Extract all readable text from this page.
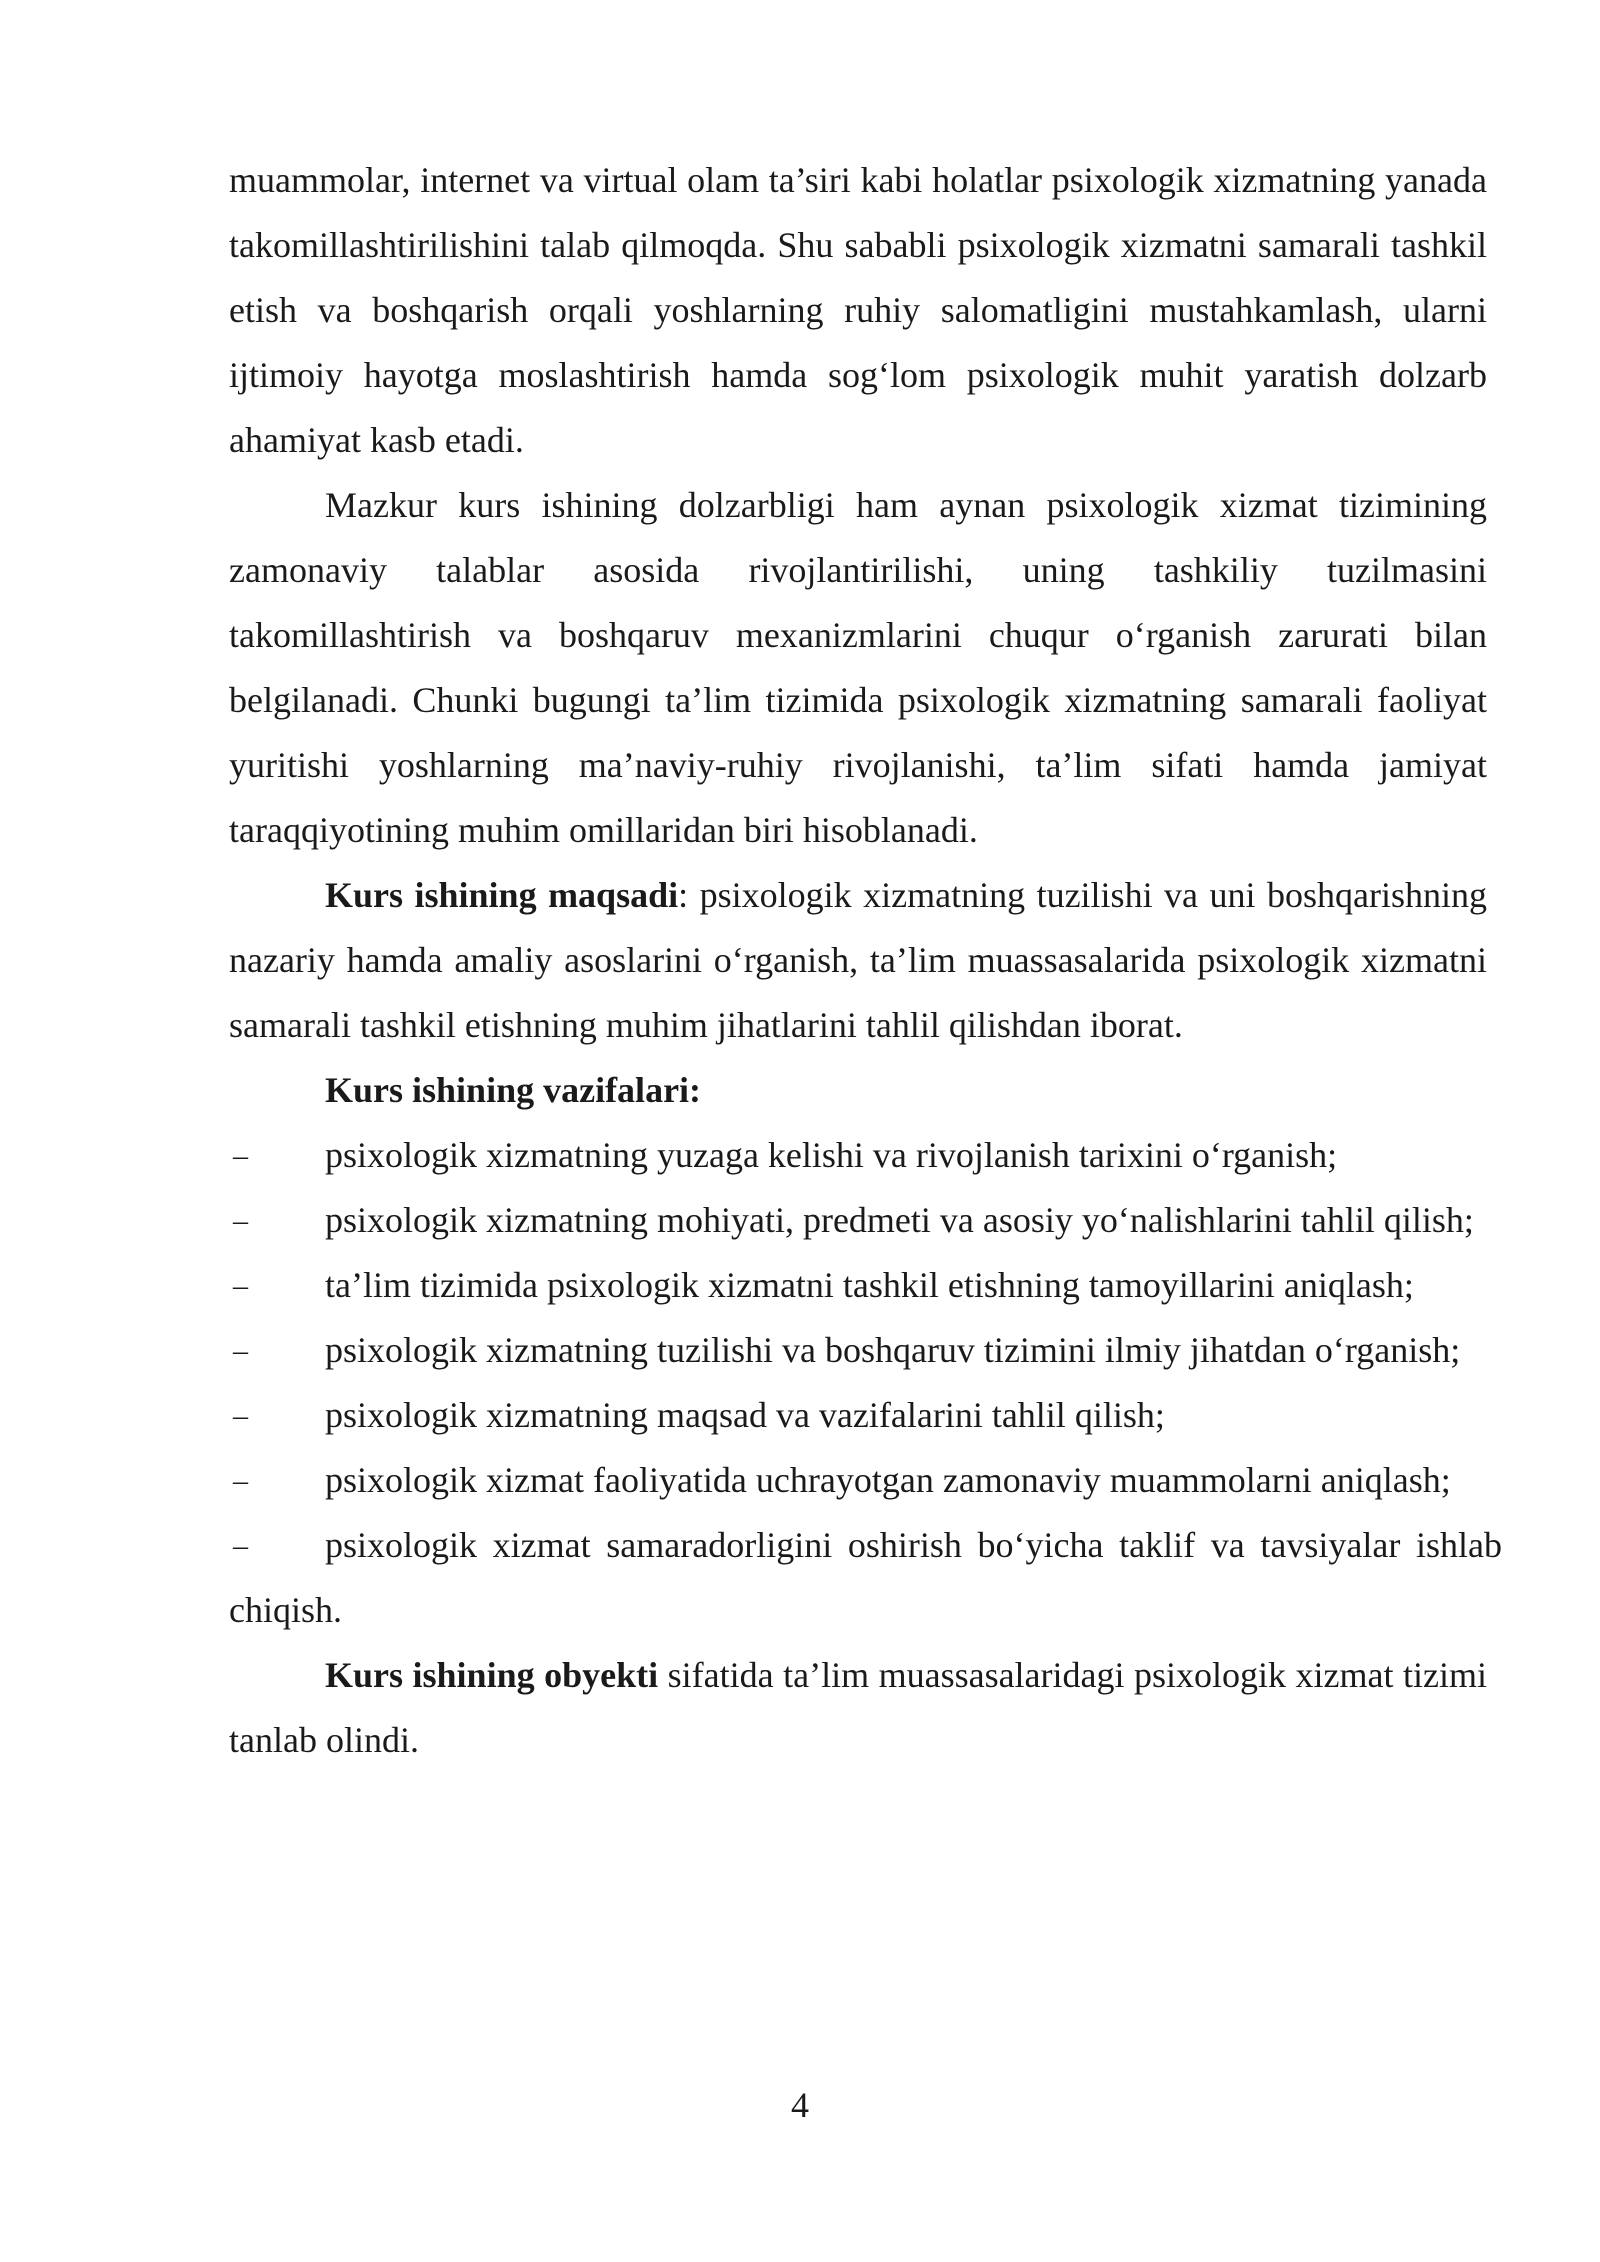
muammolar, internet va virtual olam ta’siri kabi holatlar psixologik xizmatning yanada takomillashtirilishini talab qilmoqda. Shu sababli psixologik xizmatni samarali tashkil etish va boshqarish orqali yoshlarning ruhiy salomatligini mustahkamlash, ularni ijtimoiy hayotga moslashtirish hamda sog‘lom psixologik muhit yaratish dolzarb ahamiyat kasb etadi.

Mazkur kurs ishining dolzarbligi ham aynan psixologik xizmat tizimining zamonaviy talablar asosida rivojlantirilishi, uning tashkiliy tuzilmasini takomillashtirish va boshqaruv mexanizmlarini chuqur o‘rganish zarurati bilan belgilanadi. Chunki bugungi ta’lim tizimida psixologik xizmatning samarali faoliyat yuritishi yoshlarning ma’naviy-ruhiy rivojlanishi, ta’lim sifati hamda jamiyat taraqqiyotining muhim omillaridan biri hisoblanadi.

Kurs ishining maqsadi: psixologik xizmatning tuzilishi va uni boshqarishning nazariy hamda amaliy asoslarini o‘rganish, ta’lim muassasalarida psixologik xizmatni samarali tashkil etishning muhim jihatlarini tahlil qilishdan iborat.

Kurs ishining vazifalari:

– psixologik xizmatning yuzaga kelishi va rivojlanish tarixini o‘rganish;
– psixologik xizmatning mohiyati, predmeti va asosiy yo‘nalishlarini tahlil qilish;
– ta’lim tizimida psixologik xizmatni tashkil etishning tamoyillarini aniqlash;
– psixologik xizmatning tuzilishi va boshqaruv tizimini ilmiy jihatdan o‘rganish;
– psixologik xizmatning maqsad va vazifalarini tahlil qilish;
– psixologik xizmat faoliyatida uchrayotgan zamonaviy muammolarni aniqlash;
– psixologik xizmat samaradorligini oshirish bo‘yicha taklif va tavsiyalar ishlab chiqish.

Kurs ishining obyekti sifatida ta’lim muassasalaridagi psixologik xizmat tizimi tanlab olindi.

4
